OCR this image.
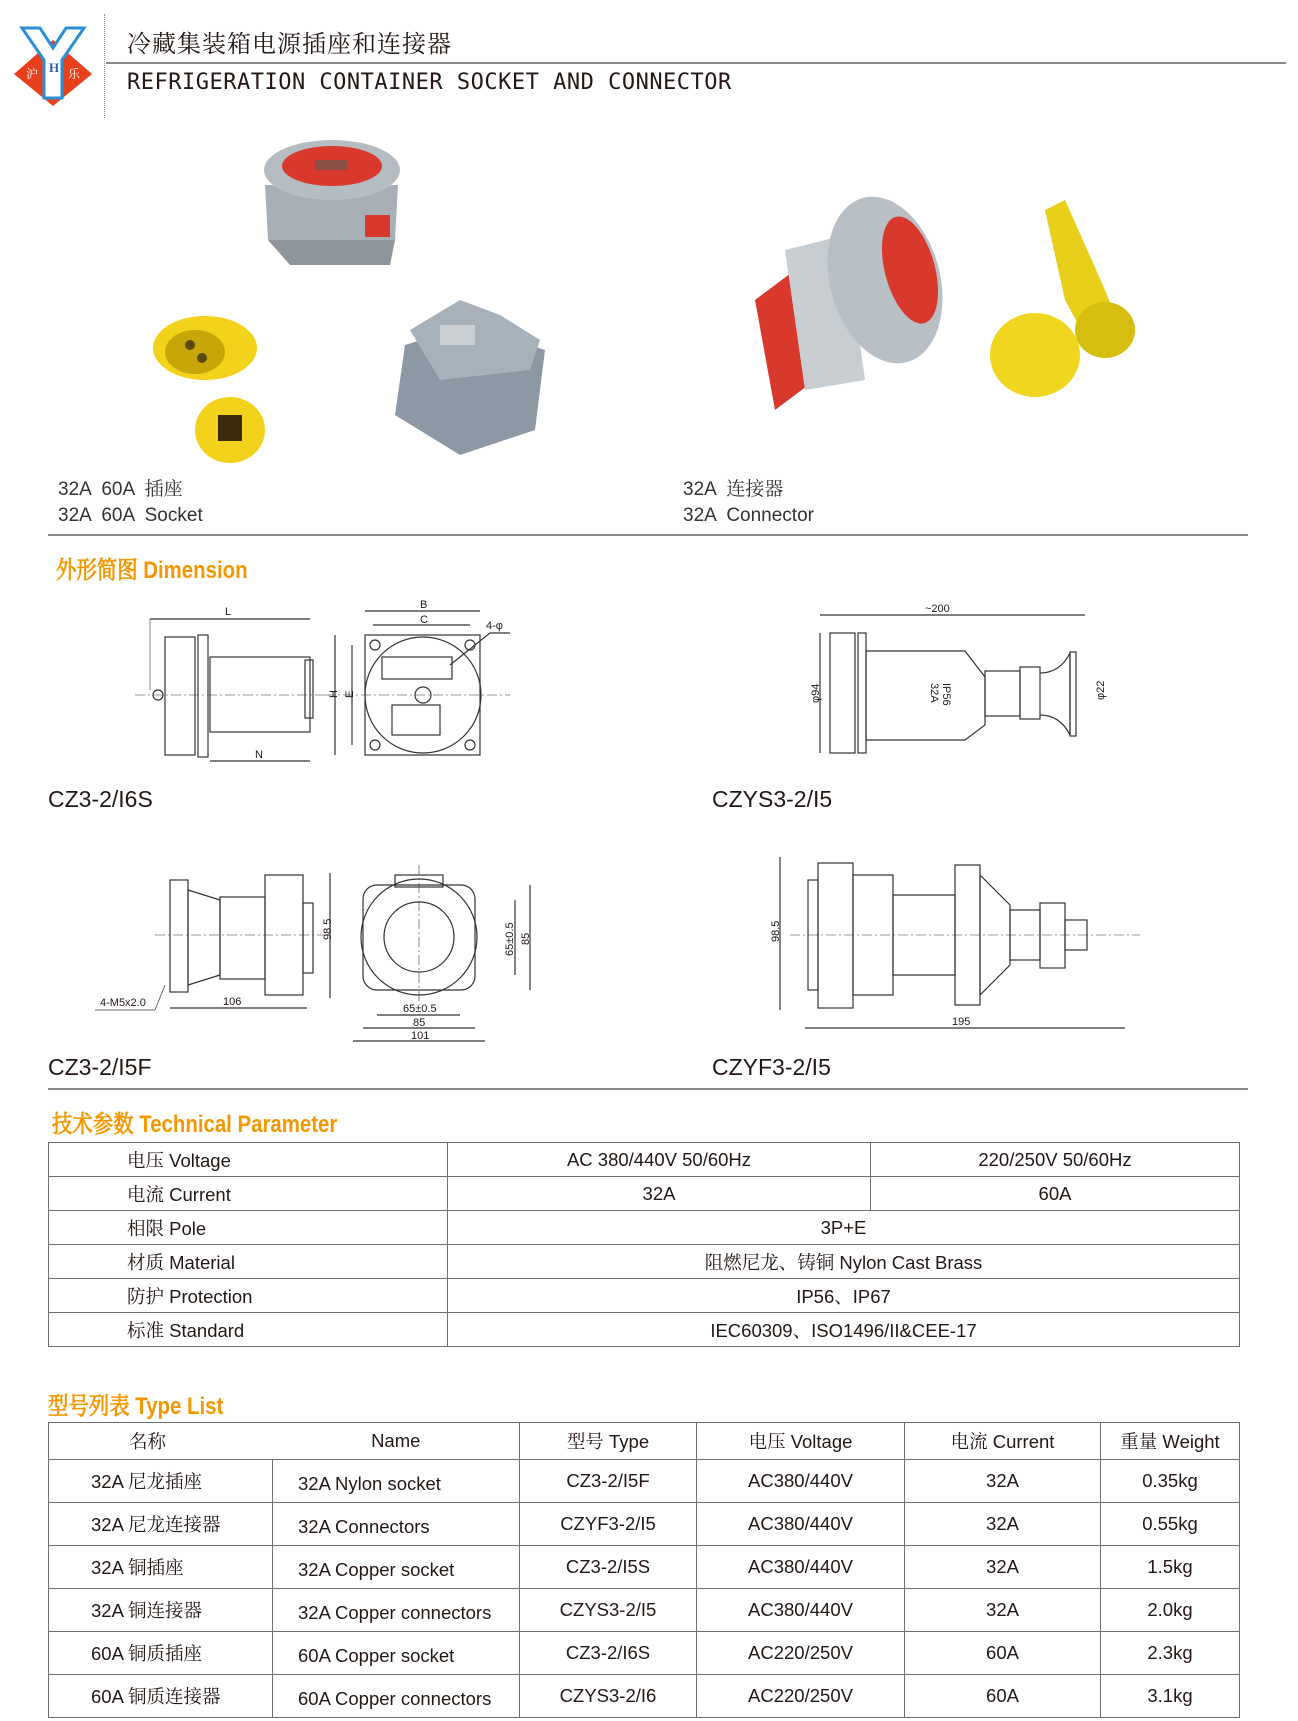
H
沪 乐
冷藏集装箱电源插座和连接器
REFRIGERATION CONTAINER SOCKET AND CONNECTOR
32A  60A  插座
32A  60A  Socket
32A  连接器
32A  Connector
外形简图 Dimension
L
N
B
C
H E
4-φ
CZ3-2/I6S
~200
φ94	φ22
IP56
32A
CZYS3-2/I5
4-M5x2.0	106
98.5	65±0.5 85
65±0.5
85
101
CZ3-2/I5F
98.5
195
CZYF3-2/I5
技术参数 Technical Parameter
电压 Voltage	AC 380/440V 50/60Hz	220/250V 50/60Hz
电流 Current	32A	60A
相限 Pole	3P+E	
材质 Material	阻燃尼龙、铸铜 Nylon Cast Brass	
防护 Protection	IP56、IP67	
标准 Standard	IEC60309、ISO1496/II&CEE-17	
型号列表 Type List
名称	Name	型号 Type	电压 Voltage	电流 Current	重量 Weight
32A 尼龙插座	32A Nylon socket	CZ3-2/I5F	AC380/440V	32A	0.35kg
32A 尼龙连接器	32A Connectors	CZYF3-2/I5	AC380/440V	32A	0.55kg
32A 铜插座	32A Copper socket	CZ3-2/I5S	AC380/440V	32A	1.5kg
32A 铜连接器	32A Copper connectors	CZYS3-2/I5	AC380/440V	32A	2.0kg
60A 铜质插座	60A Copper socket	CZ3-2/I6S	AC220/250V	60A	2.3kg
60A 铜质连接器	60A Copper connectors	CZYS3-2/I6	AC220/250V	60A	3.1kg
